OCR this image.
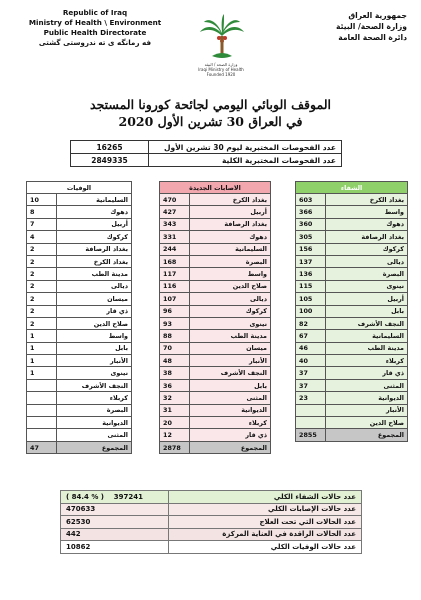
Republic of Iraq
Ministry of Health \ Environment
Public Health Directorate
فه رمانگه ى ته ندروستى گشتى
وزارة الصحة / البيئة
Iraqi Ministry of Health
Founded 1920
جمهورية العراق
وزارة الصحة/ البيئة
دائرة الصحة العامة
الموقف الوبائي اليومي لجائحة كورونا المستجد
في العراق 30 تشرين الأول 2020
16265	عدد الفحوصات المختبرية ليوم 30 تشرين الأول
2849335	عدد الفحوصات المختبرية الكلية
الوفيات	
10	السليمانية
8	دهوك
7	أربيل
4	كركوك
2	بغداد الرصافة
2	بغداد الكرخ
2	مدينة الطب
2	ديالى
2	ميسان
2	ذي قار
2	صلاح الدين
1	واسط
1	بابل
1	الأنبار
1	نينوى
	النجف الأشرف
	كربلاء
	البصرة
	الديوانية
	المثنى
47	المجموع
الاصابات الجديدة	
470	بغداد الكرخ
427	أربيل
343	بغداد الرصافة
331	دهوك
244	السليمانية
168	البصرة
117	واسط
116	صلاح الدين
107	ديالى
96	كركوك
93	نينوى
88	مدينة الطب
70	ميسان
48	الأنبار
38	النجف الأشرف
36	بابل
32	المثنى
31	الديوانية
20	كربلاء
12	ذي قار
2878	المجموع
الشفاء	
603	بغداد الكرخ
366	واسط
360	دهوك
305	بغداد الرصافة
156	كركوك
137	ديالى
136	البصرة
115	نينوى
105	أربيل
100	بابل
82	النجف الأشرف
67	السليمانية
46	مدينة الطب
40	كربلاء
37	ذي قار
37	المثنى
23	الديوانية
	الأنبار
	صلاح الدين
2855	المجموع
( 84.4 % ) 397241	عدد حالات الشفاء الكلي
470633	عدد حالات الإصابات الكلي
62530	عدد الحالات التي تحت العلاج
442	عدد الحالات الراقدة في العناية المركزة
10862	عدد حالات الوفيات الكلي
